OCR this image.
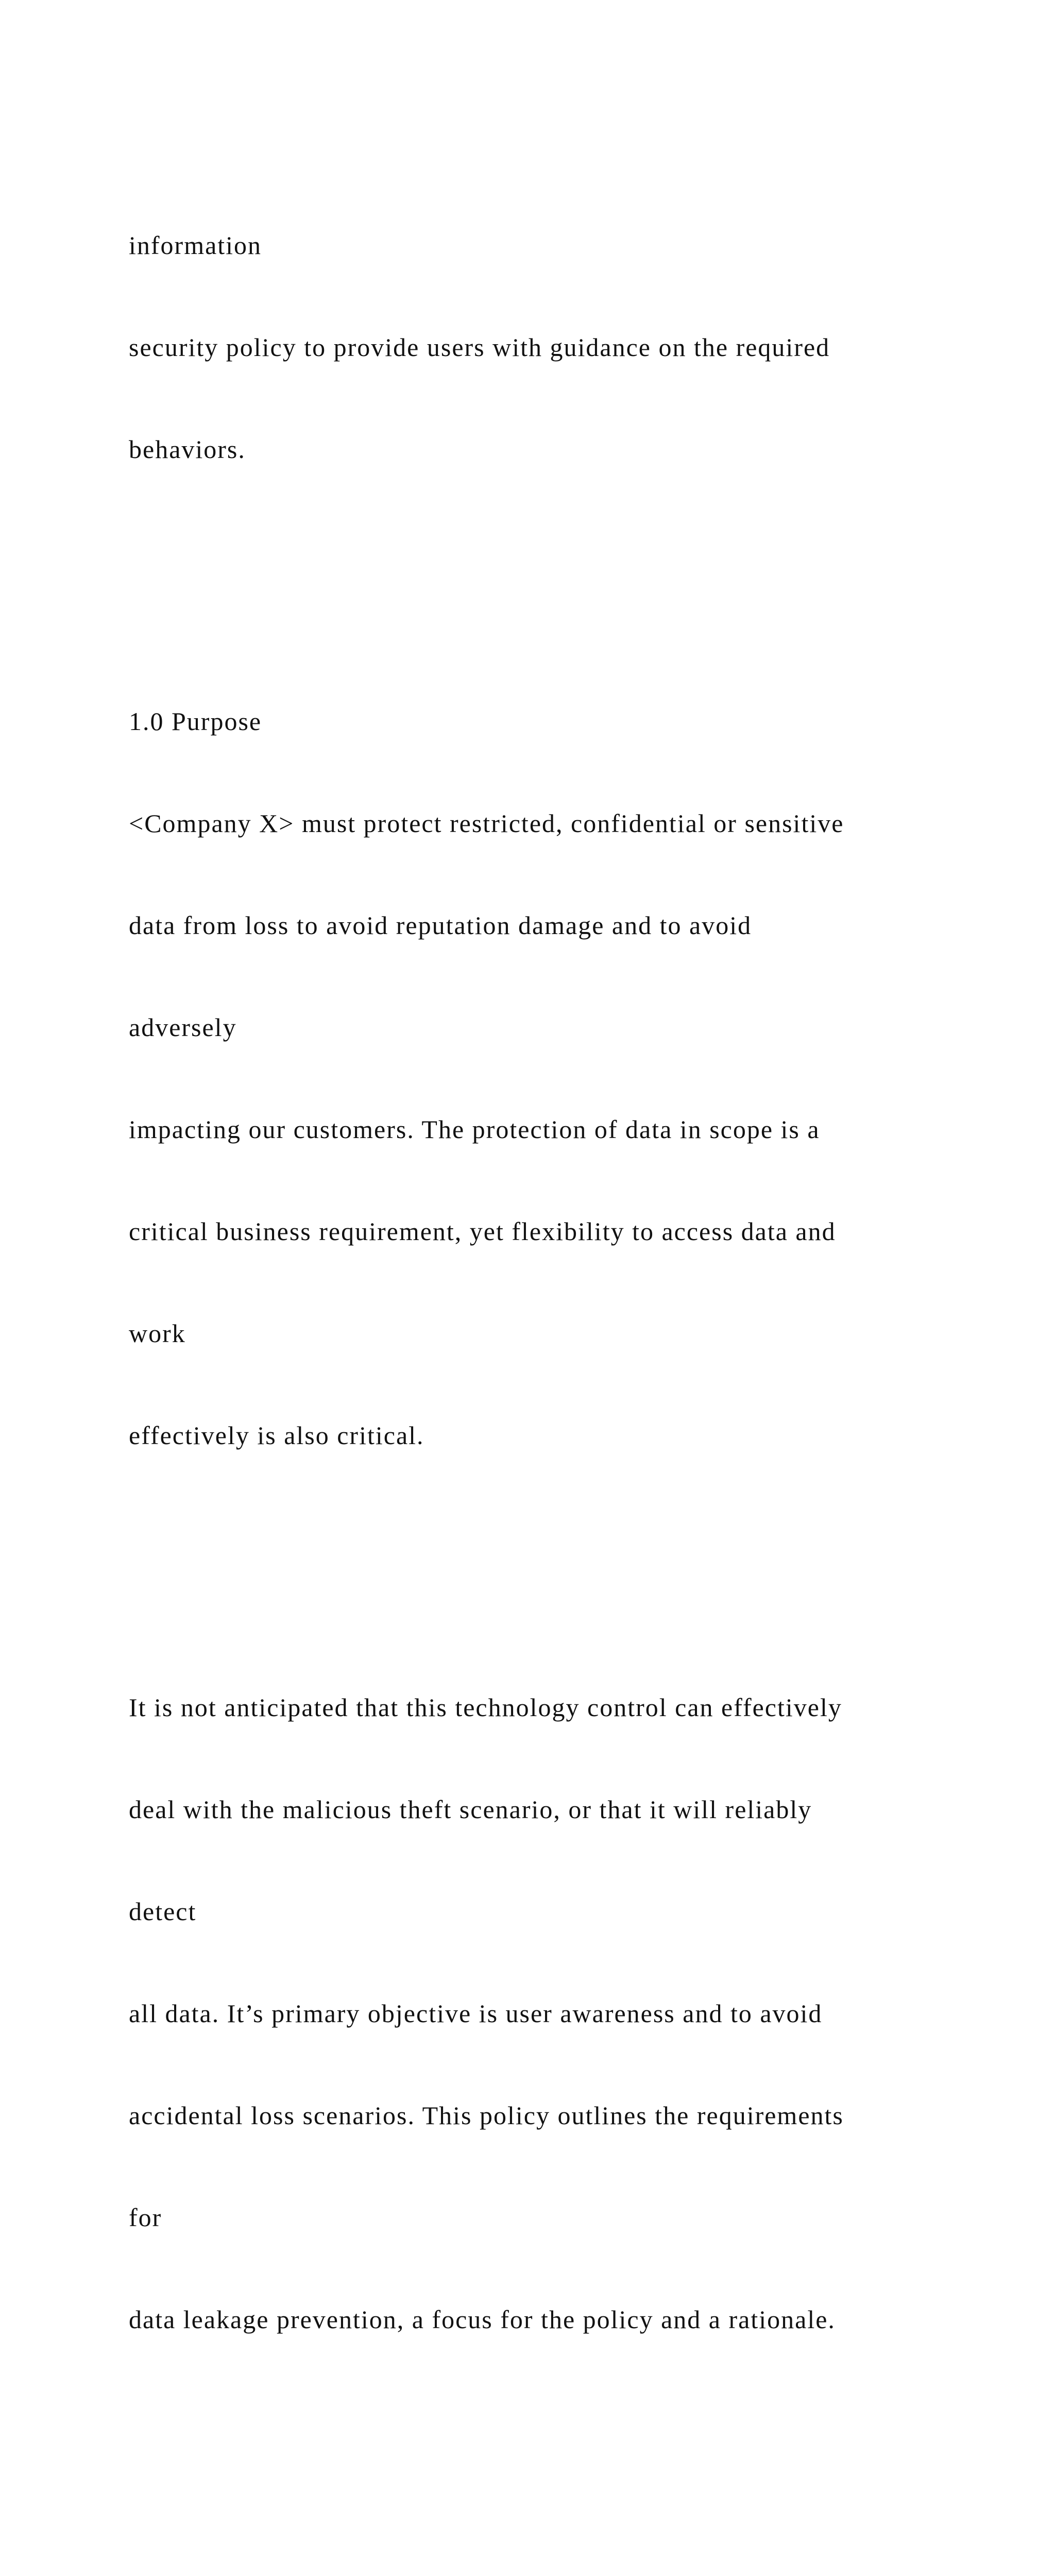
information

security policy to provide users with guidance on the required

behaviors.

1.0 Purpose

<Company X> must protect restricted, confidential or sensitive

data from loss to avoid reputation damage and to avoid

adversely

impacting our customers. The protection of data in scope is a

critical business requirement, yet flexibility to access data and

work

effectively is also critical.

It is not anticipated that this technology control can effectively

deal with the malicious theft scenario, or that it will reliably

detect

all data. It’s primary objective is user awareness and to avoid

accidental loss scenarios. This policy outlines the requirements

for

data leakage prevention, a focus for the policy and a rationale.
